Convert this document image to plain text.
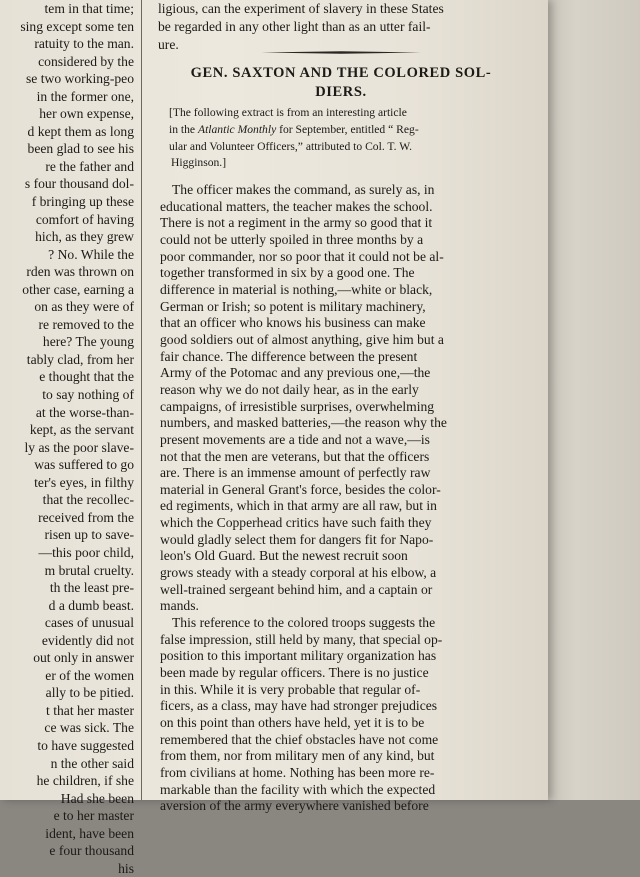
tem in that time;
sing except some ten
ratuity to the man.
considered by the
se two working-peo
in the former one,
her own expense,
d kept them as long
been glad to see his
re the father and
s four thousand dol-
f bringing up these
comfort of having
hich, as they grew
? No. While the
rden was thrown on
other case, earning a
on as they were of
re removed to the
here? The young
tably clad, from her
e thought that the
to say nothing of
at the worse-than-
kept, as the servant
ly as the poor slave-
was suffered to go
ter's eyes, in filthy
that the recollec-
received from the
risen up to save-
—this poor child,
m brutal cruelty.
th the least pre-
d a dumb beast.
cases of unusual
evidently did not
out only in answer
er of the women
ally to be pitied.
t that her master
ce was sick. The
to have suggested
n the other said
he children, if she
Had she been
e to her master
ident, have been
e four thousand
his
ligious, can the experiment of slavery in these States
be regarded in any other light than as an utter fail-
ure.
GEN. SAXTON AND THE COLORED SOL-
DIERS.
[The following extract is from an interesting article
in the Atlantic Monthly for September, entitled “ Reg-
ular and Volunteer Officers,” attributed to Col. T. W.
Higginson.]
The officer makes the command, as surely as, in
educational matters, the teacher makes the school.
There is not a regiment in the army so good that it
could not be utterly spoiled in three months by a
poor commander, nor so poor that it could not be al-
together transformed in six by a good one. The
difference in material is nothing,—white or black,
German or Irish; so potent is military machinery,
that an officer who knows his business can make
good soldiers out of almost anything, give him but a
fair chance. The difference between the present
Army of the Potomac and any previous one,—the
reason why we do not daily hear, as in the early
campaigns, of irresistible surprises, overwhelming
numbers, and masked batteries,—the reason why the
present movements are a tide and not a wave,—is
not that the men are veterans, but that the officers
are. There is an immense amount of perfectly raw
material in General Grant's force, besides the color-
ed regiments, which in that army are all raw, but in
which the Copperhead critics have such faith they
would gladly select them for dangers fit for Napo-
leon's Old Guard. But the newest recruit soon
grows steady with a steady corporal at his elbow, a
well-trained sergeant behind him, and a captain or
mands.
This reference to the colored troops suggests the
false impression, still held by many, that special op-
position to this important military organization has
been made by regular officers. There is no justice
in this. While it is very probable that regular of-
ficers, as a class, may have had stronger prejudices
on this point than others have held, yet it is to be
remembered that the chief obstacles have not come
from them, nor from military men of any kind, but
from civilians at home. Nothing has been more re-
markable than the facility with which the expected
aversion of the army everywhere vanished before
